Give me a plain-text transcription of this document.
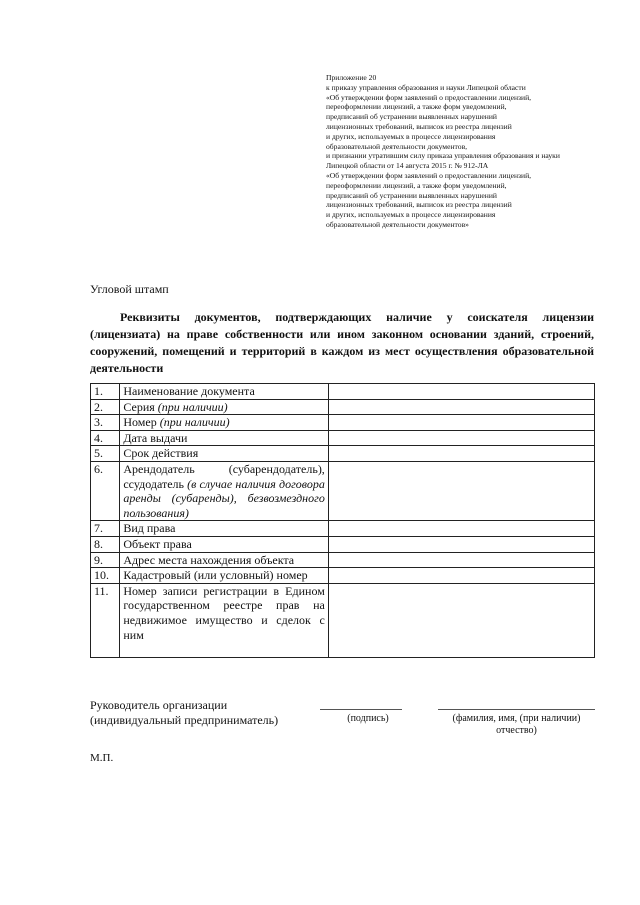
Приложение 20
к приказу управления образования и науки Липецкой области
«Об утверждении форм заявлений о предоставлении лицензий,
переоформлении лицензий, а также форм уведомлений,
предписаний об устранении выявленных нарушений
лицензионных требований, выписок из реестра лицензий
и других, используемых в процессе лицензирования
образовательной деятельности документов,
и признании утратившим силу приказа управления образования и науки
Липецкой области от 14 августа 2015 г. № 912-ЛА
«Об утверждении форм заявлений о предоставлении лицензий,
переоформлении лицензий, а также форм уведомлений,
предписаний об устранении выявленных нарушений
лицензионных требований, выписок из реестра лицензий
и других, используемых в процессе лицензирования
образовательной деятельности документов»
Угловой штамп
Реквизиты документов, подтверждающих наличие у соискателя лицензии (лицензиата) на праве собственности или ином законном основании зданий, строений, сооружений, помещений и территорий в каждом из мест осуществления образовательной деятельности
1.	Наименование документа	
2.	Серия (при наличии)	
3.	Номер (при наличии)	
4.	Дата выдачи	
5.	Срок действия	
6.	Арендодатель (субарендодатель), ссудодатель (в случае наличия договора аренды (субаренды), безвозмездного пользования)	
7.	Вид права	
8.	Объект права	
9.	Адрес места нахождения объекта	
10.	Кадастровый (или условный) номер	
11.	Номер записи регистрации в Едином государственном реестре прав на недвижимое имущество и сделок с ним	
Руководитель организации
(индивидуальный предприниматель)	(подпись)	(фамилия, имя, (при наличии)
отчество)
М.П.
